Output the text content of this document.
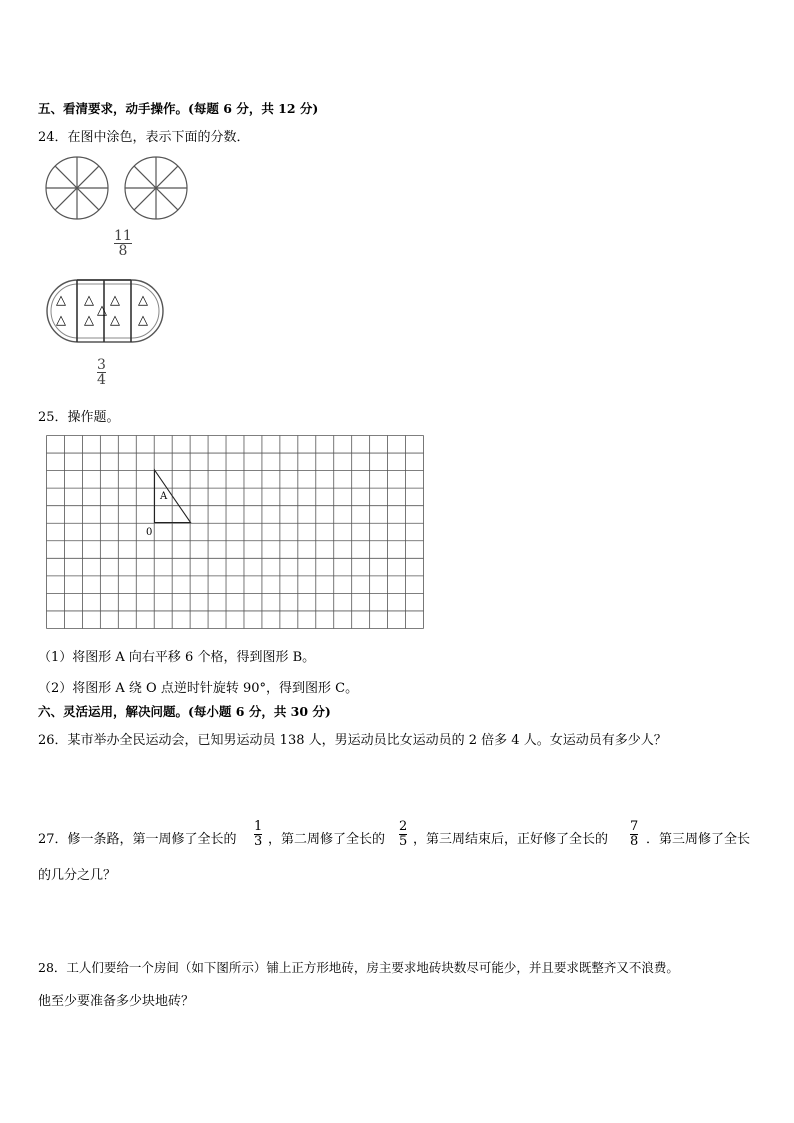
五、看清要求，动手操作。(每题 6 分，共 12 分)
24．在图中涂色，表示下面的分数．
11
8
△
△
△
△
△
△
△
△
△
3
4
25．操作题。
A
0
（1）将图形 A 向右平移 6 个格，得到图形 B。
（2）将图形 A 绕 O 点逆时针旋转 90°，得到图形 C。
六、灵活运用，解决问题。(每小题 6 分，共 30 分)
26．某市举办全民运动会，已知男运动员 138 人，男运动员比女运动员的 2 倍多 4 人。女运动员有多少人？
27．修一条路，第一周修了全长的
1
3 ，第二周修了全长的
2
5 ，第三周结束后，正好修了全长的
7
8 ．第三周修了全长
的几分之几？
28．工人们要给一个房间（如下图所示）铺上正方形地砖，房主要求地砖块数尽可能少，并且要求既整齐又不浪费。
他至少要准备多少块地砖？
